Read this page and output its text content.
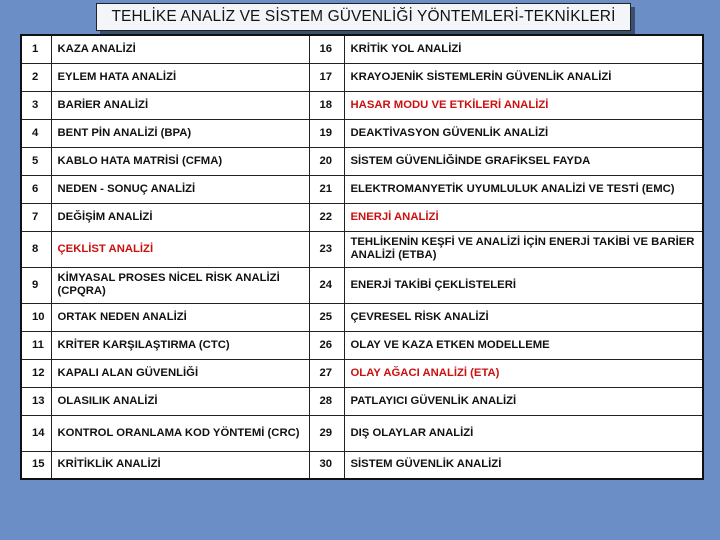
TEHLİKE ANALİZ VE SİSTEM GÜVENLİĞİ YÖNTEMLERİ-TEKNİKLERİ
1	KAZA ANALİZİ	16	KRİTİK YOL ANALİZİ
2	EYLEM HATA ANALİZİ	17	KRAYOJENİK SİSTEMLERİN GÜVENLİK ANALİZİ
3	BARİER ANALİZİ	18	HASAR MODU VE ETKİLERİ ANALİZİ
4	BENT PİN ANALİZİ (BPA)	19	DEAKTİVASYON GÜVENLİK ANALİZİ
5	KABLO HATA MATRİSİ (CFMA)	20	SİSTEM GÜVENLİĞİNDE GRAFİKSEL FAYDA
6	NEDEN - SONUÇ ANALİZİ	21	ELEKTROMANYETİK UYUMLULUK ANALİZİ VE TESTİ (EMC)
7	DEĞİŞİM ANALİZİ	22	ENERJİ ANALİZİ
8	ÇEKLİST ANALİZİ	23	TEHLİKENİN KEŞFİ VE ANALİZİ İÇİN ENERJİ TAKİBİ VE BARİER ANALİZİ (ETBA)
9	KİMYASAL PROSES NİCEL RİSK ANALİZİ (CPQRA)	24	ENERJİ TAKİBİ ÇEKLİSTELERİ
10	ORTAK NEDEN ANALİZİ	25	ÇEVRESEL RİSK ANALİZİ
11	KRİTER KARŞILAŞTIRMA (CTC)	26	OLAY VE KAZA ETKEN MODELLEME
12	KAPALI ALAN GÜVENLİĞİ	27	OLAY AĞACI ANALİZİ (ETA)
13	OLASILIK ANALİZİ	28	PATLAYICI GÜVENLİK ANALİZİ
14	KONTROL ORANLAMA KOD YÖNTEMİ (CRC)	29	DIŞ OLAYLAR ANALİZİ
15	KRİTİKLİK ANALİZİ	30	SİSTEM GÜVENLİK ANALİZİ
